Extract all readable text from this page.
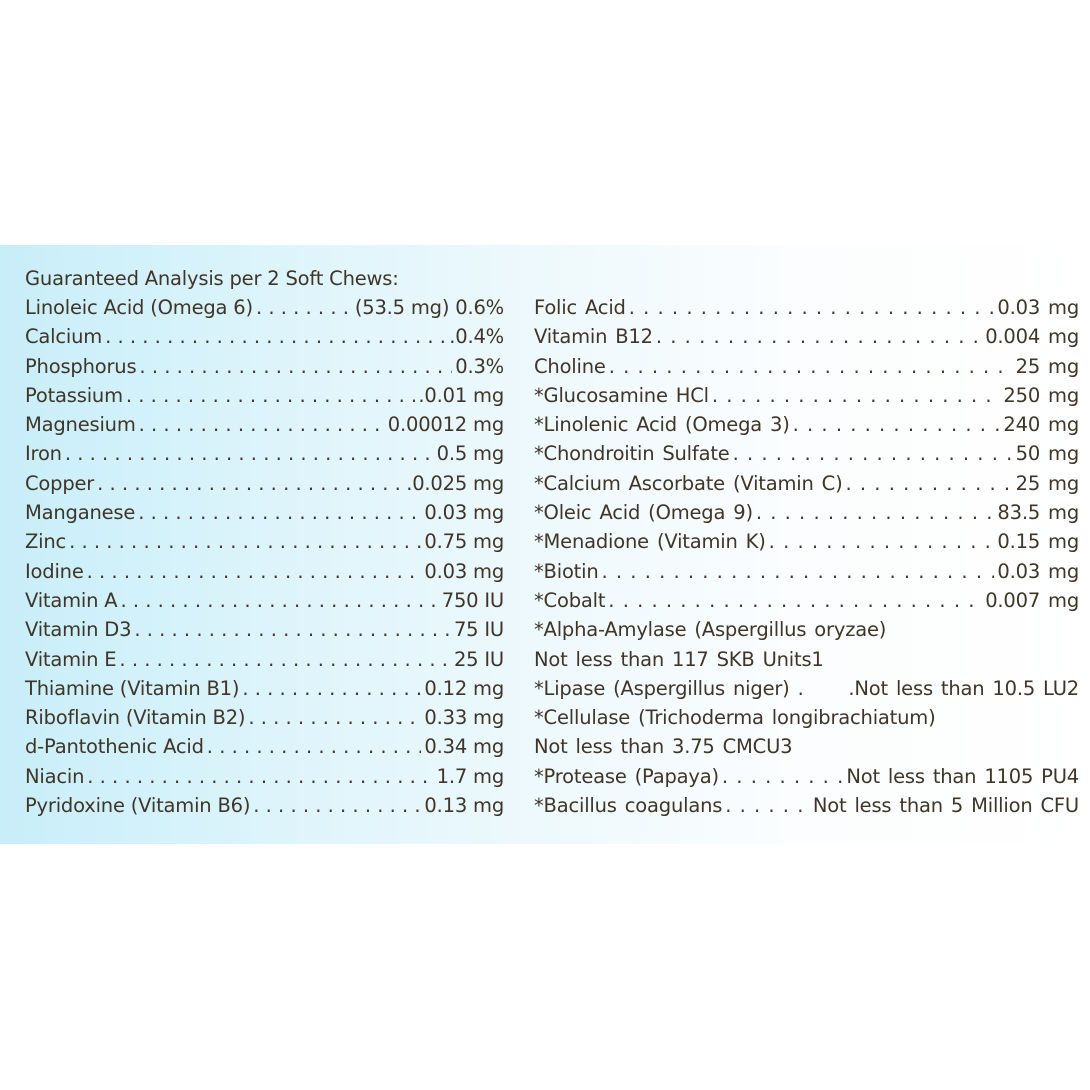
Guaranteed Analysis per 2 Soft Chews:
Linoleic Acid (Omega 6) . . .	(53.5 mg) 0.6%
Calcium . . .	.0.4%
Phosphorus . . .	0.3%
Potassium . . .	.0.01 mg
Magnesium . . .	0.00012 mg
Iron . . .	0.5 mg
Copper . . .	.0.025 mg
Manganese . . .	0.03 mg
Zinc . . .	0.75 mg
Iodine . . .	0.03 mg
Vitamin A . . .	750 IU
Vitamin D3 . . .	75 IU
Vitamin E . . .	25 IU
Thiamine (Vitamin B1) . . .	0.12 mg
Riboflavin (Vitamin B2) . . .	0.33 mg
d-Pantothenic Acid . . .	0.34 mg
Niacin . . .	1.7 mg
Pyridoxine (Vitamin B6) . . .	0.13 mg
Folic Acid . . .	0.03 mg
Vitamin B12 . . .	0.004 mg
Choline . . .	25 mg
*Glucosamine HCl . . .	250 mg
*Linolenic Acid (Omega 3) . . .	240 mg
*Chondroitin Sulfate . . .	50 mg
*Calcium Ascorbate (Vitamin C) . . .	25 mg
*Oleic Acid (Omega 9) . . .	83.5 mg
*Menadione (Vitamin K) . . .	0.15 mg
*Biotin . . .	0.03 mg
*Cobalt . . .	0.007 mg
*Alpha-Amylase (Aspergillus oryzae)
Not less than 117 SKB Units1
*Lipase (Aspergillus niger) . .Not less than 10.5 LU2
*Cellulase (Trichoderma longibrachiatum)
Not less than 3.75 CMCU3
*Protease (Papaya) . . .	Not less than 1105 PU4
*Bacillus coagulans . . .	Not less than 5 Million CFU
